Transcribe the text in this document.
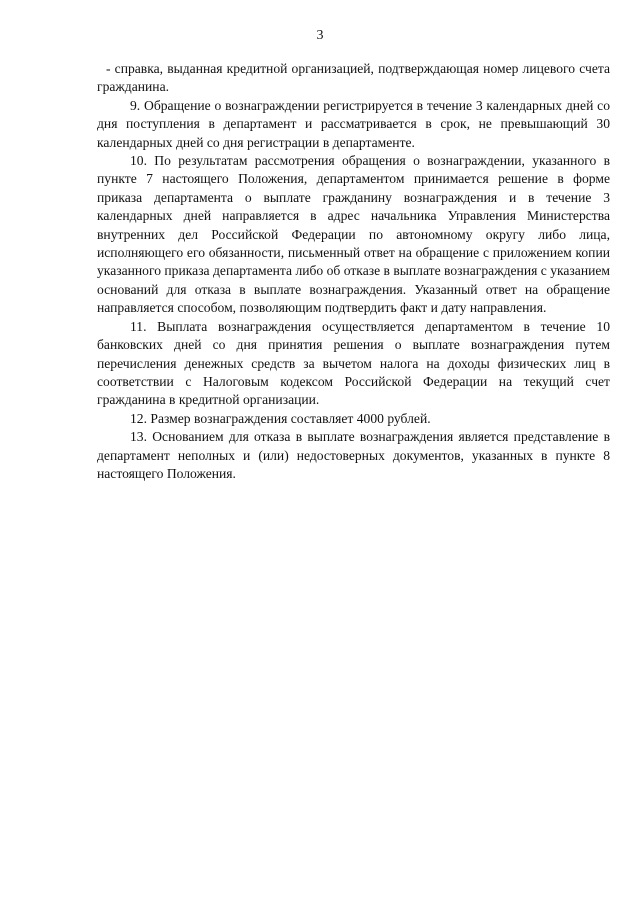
3

- справка, выданная кредитной организацией, подтверждающая номер лицевого счета гражданина.

9. Обращение о вознаграждении регистрируется в течение 3 календарных дней со дня поступления в департамент и рассматривается в срок, не превышающий 30 календарных дней со дня регистрации в департаменте.

10. По результатам рассмотрения обращения о вознаграждении, указанного в пункте 7 настоящего Положения, департаментом принимается решение в форме приказа департамента о выплате гражданину вознаграждения и в течение 3 календарных дней направляется в адрес начальника Управления Министерства внутренних дел Российской Федерации по автономному округу либо лица, исполняющего его обязанности, письменный ответ на обращение с приложением копии указанного приказа департамента либо об отказе в выплате вознаграждения с указанием оснований для отказа в выплате вознаграждения. Указанный ответ на обращение направляется способом, позволяющим подтвердить факт и дату направления.

11. Выплата вознаграждения осуществляется департаментом в течение 10 банковских дней со дня принятия решения о выплате вознаграждения путем перечисления денежных средств за вычетом налога на доходы физических лиц в соответствии с Налоговым кодексом Российской Федерации на текущий счет гражданина в кредитной организации.

12. Размер вознаграждения составляет 4000 рублей.

13. Основанием для отказа в выплате вознаграждения является представление в департамент неполных и (или) недостоверных документов, указанных в пункте 8 настоящего Положения.
